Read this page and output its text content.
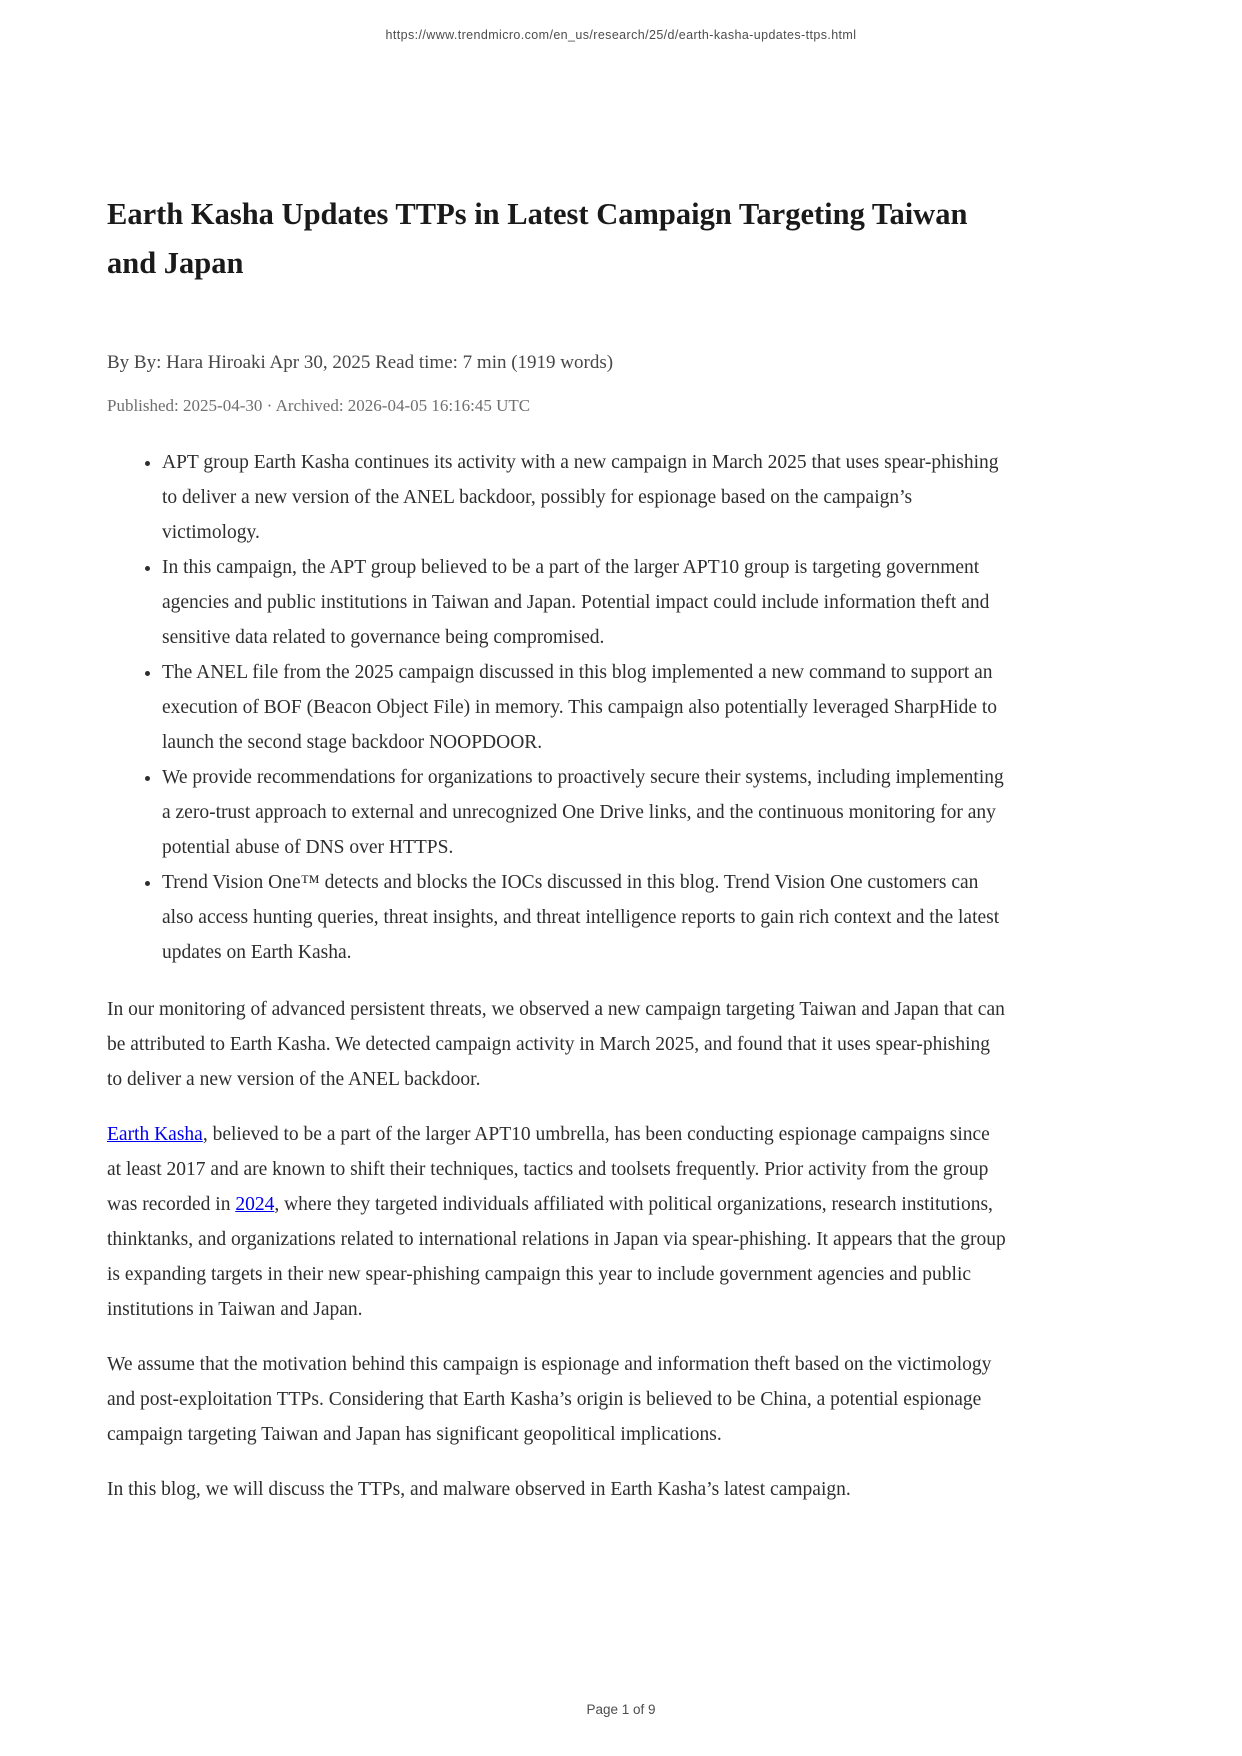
https://www.trendmicro.com/en_us/research/25/d/earth-kasha-updates-ttps.html
Earth Kasha Updates TTPs in Latest Campaign Targeting Taiwan and Japan
By By: Hara Hiroaki Apr 30, 2025 Read time: 7 min (1919 words)
Published: 2025-04-30 · Archived: 2026-04-05 16:16:45 UTC
• APT group Earth Kasha continues its activity with a new campaign in March 2025 that uses spear-phishing to deliver a new version of the ANEL backdoor, possibly for espionage based on the campaign’s victimology.
• In this campaign, the APT group believed to be a part of the larger APT10 group is targeting government agencies and public institutions in Taiwan and Japan. Potential impact could include information theft and sensitive data related to governance being compromised.
• The ANEL file from the 2025 campaign discussed in this blog implemented a new command to support an execution of BOF (Beacon Object File) in memory. This campaign also potentially leveraged SharpHide to launch the second stage backdoor NOOPDOOR.
• We provide recommendations for organizations to proactively secure their systems, including implementing a zero-trust approach to external and unrecognized One Drive links, and the continuous monitoring for any potential abuse of DNS over HTTPS.
• Trend Vision One™ detects and blocks the IOCs discussed in this blog. Trend Vision One customers can also access hunting queries, threat insights, and threat intelligence reports to gain rich context and the latest updates on Earth Kasha.

In our monitoring of advanced persistent threats, we observed a new campaign targeting Taiwan and Japan that can be attributed to Earth Kasha. We detected campaign activity in March 2025, and found that it uses spear-phishing to deliver a new version of the ANEL backdoor.

Earth Kasha, believed to be a part of the larger APT10 umbrella, has been conducting espionage campaigns since at least 2017 and are known to shift their techniques, tactics and toolsets frequently. Prior activity from the group was recorded in 2024, where they targeted individuals affiliated with political organizations, research institutions, thinktanks, and organizations related to international relations in Japan via spear-phishing. It appears that the group is expanding targets in their new spear-phishing campaign this year to include government agencies and public institutions in Taiwan and Japan.

We assume that the motivation behind this campaign is espionage and information theft based on the victimology and post-exploitation TTPs. Considering that Earth Kasha’s origin is believed to be China, a potential espionage campaign targeting Taiwan and Japan has significant geopolitical implications.

In this blog, we will discuss the TTPs, and malware observed in Earth Kasha’s latest campaign.

Page 1 of 9
